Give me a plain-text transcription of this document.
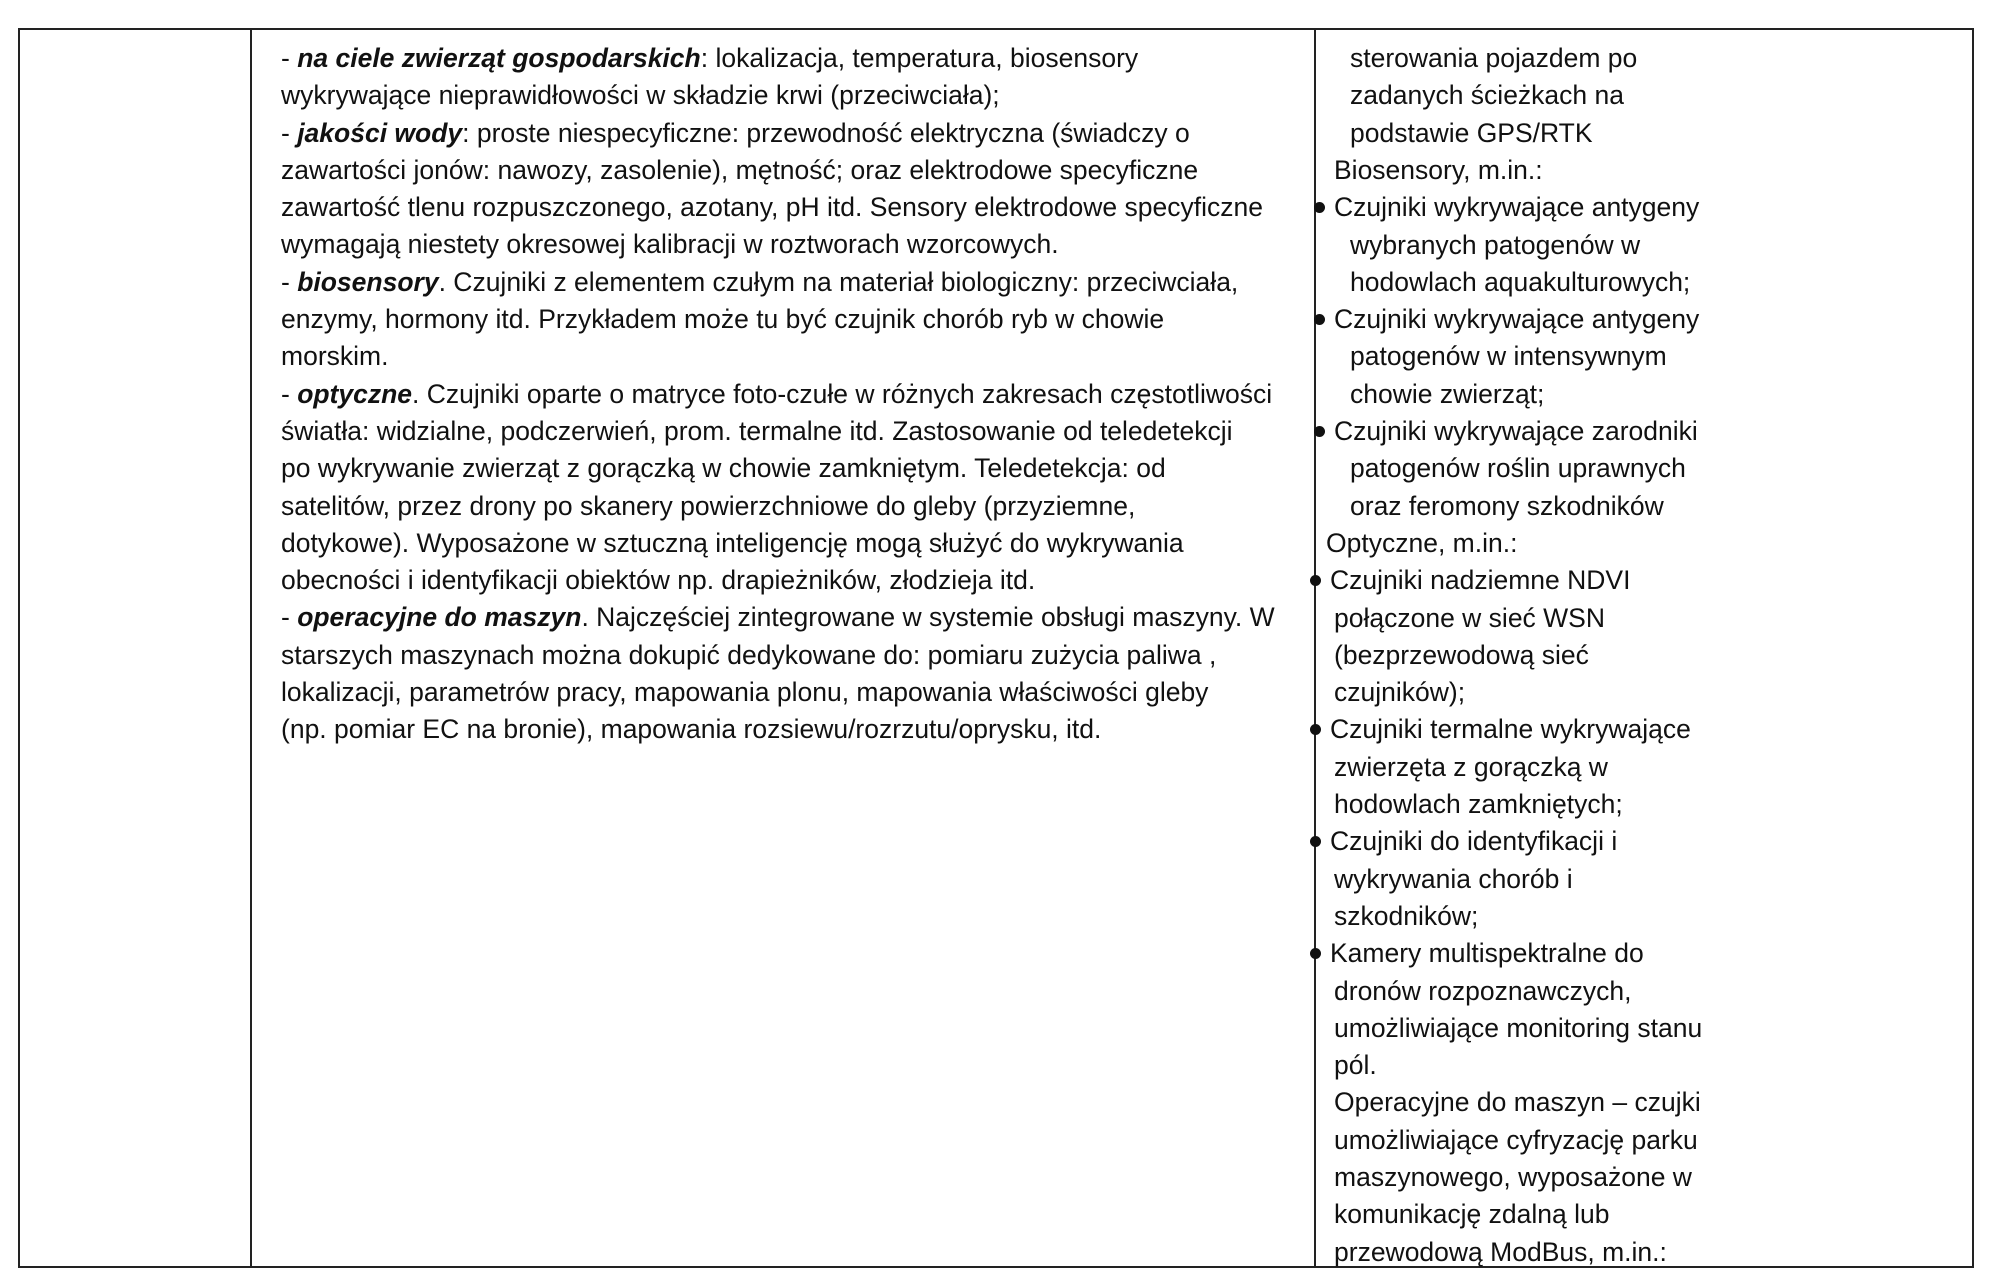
- na ciele zwierząt gospodarskich: lokalizacja, temperatura, biosensory
wykrywające nieprawidłowości w składzie krwi (przeciwciała);
- jakości wody: proste niespecyficzne: przewodność elektryczna (świadczy o
zawartości jonów: nawozy, zasolenie), mętność; oraz elektrodowe specyficzne
zawartość tlenu rozpuszczonego, azotany, pH itd. Sensory elektrodowe specyficzne
wymagają niestety okresowej kalibracji w roztworach wzorcowych.
- biosensory. Czujniki z elementem czułym na materiał biologiczny: przeciwciała,
enzymy, hormony itd. Przykładem może tu być czujnik chorób ryb w chowie
morskim.
- optyczne. Czujniki oparte o matryce foto-czułe w różnych zakresach częstotliwości
światła: widzialne, podczerwień, prom. termalne itd. Zastosowanie od teledetekcji
po wykrywanie zwierząt z gorączką w chowie zamkniętym. Teledetekcja: od
satelitów, przez drony po skanery powierzchniowe do gleby (przyziemne,
dotykowe). Wyposażone w sztuczną inteligencję mogą służyć do wykrywania
obecności i identyfikacji obiektów np. drapieżników, złodzieja itd.
- operacyjne do maszyn. Najczęściej zintegrowane w systemie obsługi maszyny. W
starszych maszynach można dokupić dedykowane do: pomiaru zużycia paliwa ,
lokalizacji, parametrów pracy, mapowania plonu, mapowania właściwości gleby
(np. pomiar EC na bronie), mapowania rozsiewu/rozrzutu/oprysku, itd.
sterowania pojazdem po
zadanych ścieżkach na
podstawie GPS/RTK
Biosensory, m.in.:
Czujniki wykrywające antygeny
wybranych patogenów w
hodowlach aquakulturowych;
Czujniki wykrywające antygeny
patogenów w intensywnym
chowie zwierząt;
Czujniki wykrywające zarodniki
patogenów roślin uprawnych
oraz feromony szkodników
Optyczne, m.in.:
Czujniki nadziemne NDVI
połączone w sieć WSN
(bezprzewodową sieć
czujników);
Czujniki termalne wykrywające
zwierzęta z gorączką w
hodowlach zamkniętych;
Czujniki do identyfikacji i
wykrywania chorób i
szkodników;
Kamery multispektralne do
dronów rozpoznawczych,
umożliwiające monitoring stanu
pól.
Operacyjne do maszyn – czujki
umożliwiające cyfryzację parku
maszynowego, wyposażone w
komunikację zdalną lub
przewodową ModBus, m.in.:
